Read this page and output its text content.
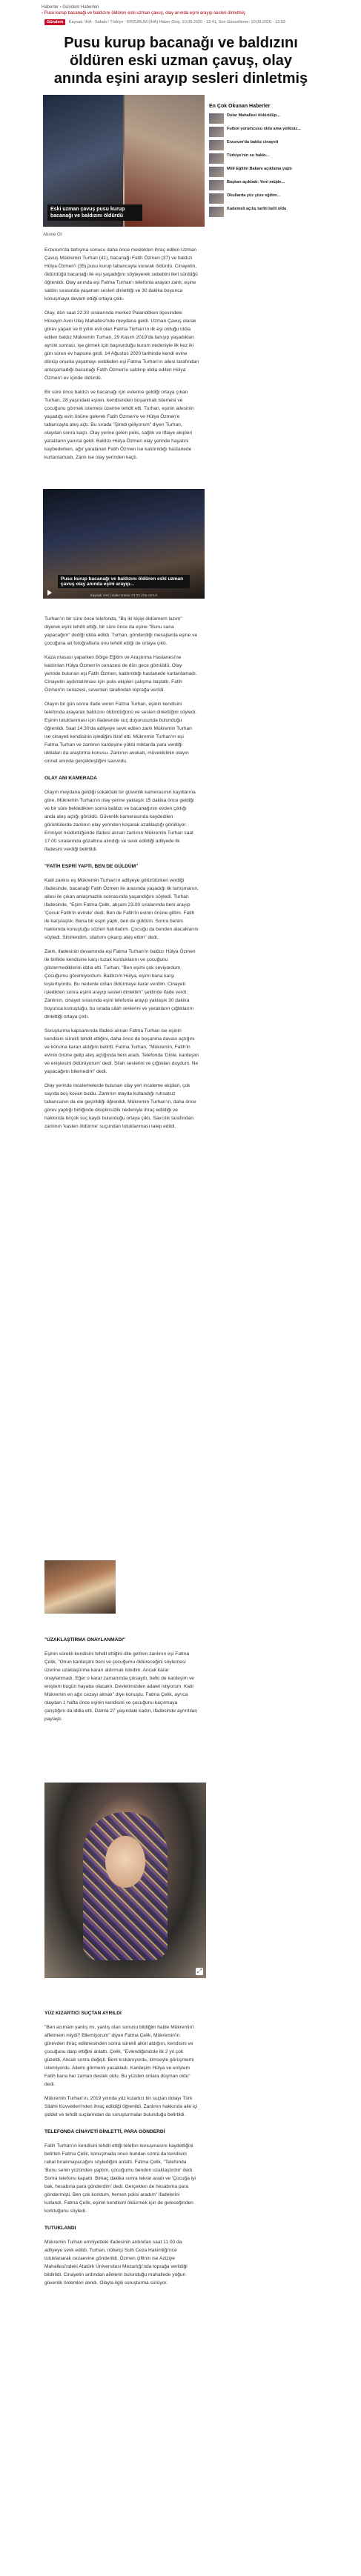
Haberler › Gündem Haberleri
› Pusu kurup bacanağı ve baldızını öldüren eski uzman çavuş, olay anında eşini arayıp sesleri dinletmiş
Gündem Kaynak: İHA - Sabah / Türkiye - ERZURUM (İHA) Haber Giriş: 10.09.2020 - 13:41, Son Güncelleme: 10.09.2020 - 13:53
Pusu kurup bacanağı ve baldızını öldüren eski uzman çavuş, olay anında eşini arayıp sesleri dinletmiş
Eski uzman çavuş pusu kurup bacanağı ve baldızını öldürdü
Abone Ol
En Çok Okunan Haberler
Dolar Mahallesi öldürülüp...
Futbol yorumcusu oldu ama yetkisiz...
Erzurum'da baldız cinayeti
Türkiye'nin su hakkı...
Milli Eğitim Bakanı açıklama yaptı
Başkan açıkladı: Yeni müjde...
Okullarda yüz yüze eğitim...
Kademeli açılış tarihi belli oldu

Erzurum'da tartışma sonucu daha önce meslekten ihraç edilen Uzman Çavuş Mükremin Turhan (41), bacanağı Fatih Özmen (37) ve baldızı Hülya Özmen'i (35) pusu kurup tabancayla vurarak öldürdü. Cinayetin, öldürdüğü bacanağı ile eşi yaşadığını söyleyerek sebebini ileri sürdüğü öğrenildi. Olay anında eşi Fatma Turhan'ı telefonla arayan zanlı, eşine saldırı sırasında yaşanan sesleri dinlettiği ve 30 dakika boyunca konuşmaya devam ettiği ortaya çıktı.

Olay, dün saat 22.30 sıralarında merkez Palandöken ilçesindeki Hüseyin Avni Ulaş Mahallesi'nde meydana geldi. Uzman Çavuş olarak görev yapan ve 8 yıllık evli olan Fatma Turhan'ın ilk eşi olduğu iddia edilen baldız Mükremin Turhan, 29 Kasım 2019'da tanışıp yaşadıkları ayrılık sonrası, işe girmek için başvurduğu kurum nedeniyle ilk kez iki gün süren ev hapsine girdi. 14 Ağustos 2020 tarihinde kendi evine dönüp onunla yaşamayı reddeden eşi Fatma Turhan'ın ailesi tarafından anlaşamadığı bacanağı Fatih Özmen'e saldırıp iddia edilen Hülya Özmen'i ev içinde öldürdü.

Bir süre önce baldızı ve bacanağı için evlerine geldiği ortaya çıkan Turhan, 28 yaşındaki eşinin, kendisinden boşanmak istemesi ve çocuğunu görmek istemesi üzerine tehdit etti. Turhan, eşinin ailesinin yaşadığı evin önüne gelerek Fatih Özmen'e ve Hülya Özmen'e tabancayla ateş açtı. Bu sırada "Şimdi geliyorum" diyen Turhan, olaydan sonra kaçtı. Olay yerine gelen polis, sağlık ve itfaiye ekipleri yaralıların yanına geldi. Baldızı Hülya Özmen olay yerinde hayatını kaybederken, ağır yaralanan Fatih Özmen ise kaldırıldığı hastanede kurtarılamadı. Zanlı ise olay yerinden kaçtı.

Pusu kurup bacanağı ve baldızını öldüren eski uzman çavuş olay anında eşini arayıp...
Kaynak: İHA | Video süresi: 01:23 | iha.com.tr

Turhan'ın bir süre önce telefonda, "Bu iki kişiyi öldürmem lazım" diyerek eşini tehdit ettiği, bir süre önce da eşine "Bunu sana yapacağım" dediği iddia edildi. Turhan, gönderdiği mesajlarda eşine ve çocuğuna ait fotoğraflarla onu tehdit ettiği de ortaya çıktı.

Kaza masası yaparken Bölge Eğitim ve Araştırma Hastanesi'ne kaldırılan Hülya Özmen'in cenazesi de dün gece gömüldü. Olay yerinde bulunan eşi Fatih Özmen, kaldırıldığı hastanede kurtarılamadı. Cinayetin aydınlatılması için polis ekipleri çalışma başlattı. Fatih Özmen'in cenazesi, sevenleri tarafından toprağa verildi.

Olayın bir gün sonra ifade veren Fatma Turhan, eşinin kendisini telefonda arayarak baldızını öldürdüğünü ve sesleri dinlettiğini söyledi. Eşinin tutuklanması için ifadesinde suç duyurusunda bulunduğu öğrenildi. Saat 14.30'da adliyeye sevk edilen zanlı Mükremin Turhan ise cinayeti kendisinin işlediğini itiraf etti. Mükremin Turhan'ın eşi Fatma Turhan ve zanlının kardeşine yüklü miktarda para verdiği iddiaları da araştırma konusu. Zanlının avukatı, müvekkilinin olayın cinnet anında gerçekleştiğini savundu.

OLAY ANI KAMERADA

Olayın meydana geldiği sokaktaki bir güvenlik kamerasının kayıtlarına göre, Mükremin Turhan'ın olay yerine yaklaşık 15 dakika önce geldiği ve bir süre bekledikten sonra baldızı ve bacanağının evden çıktığı anda ateş açtığı görüldü. Güvenlik kamerasında kaydedilen görüntülerde zanlının olay yerinden koşarak uzaklaştığı görülüyor. Emniyet müdürlüğünde ifadesi alınan zanlının Mükremin Turhan saat 17.00 sıralarında gözaltına alındığı ve sevk edildiği adliyede ilk ifadesini verdiği belirtildi.

"FATİH ESPRİ YAPTI, BEN DE GÜLDÜM"

Katil zanlısı eş Mükremin Turhan'ın adliyeye götürülürken verdiği ifadesinde, bacanağı Fatih Özmen ile arasında yaşadığı ilk tartışmanın, ailesi ile çıkan anlaşmazlık sonrasında yaşandığını söyledi. Turhan ifadesinde, "Eşim Fatma Çelik, akşam 23.00 sıralarında beni arayıp 'Çocuk Fatih'in evinde' dedi. Ben de Fatih'in evinin önüne gittim. Fatih ile karşılaştık. Bana bir espri yaptı, ben de güldüm. Sonra benim hakkımda konuştuğu sözleri hatırladım. Çocuğu da benden alacaklarını söyledi. Sinirlendim, silahımı çıkarıp ateş ettim" dedi.

Zanlı, ifadesinin devamında eşi Fatma Turhan'ın baldızı Hülya Özmen ile birlikte kendisine karşı tuzak kurduklarını ve çocuğunu göstermediklerini iddia etti. Turhan, "Ben eşimi çok seviyordum. Çocuğumu göremiyordum. Baldızım Hülya, eşimi bana karşı kışkırtıyordu. Bu nedenle onları öldürmeye karar verdim. Cinayeti işledikten sonra eşimi arayıp sesleri dinlettim" şeklinde ifade verdi. Zanlının, cinayet sırasında eşini telefonla arayıp yaklaşık 30 dakika boyunca konuştuğu, bu sırada silah seslerini ve yaralıların çığlıklarını dinlettiği ortaya çıktı.

Soruşturma kapsamında ifadesi alınan Fatma Turhan ise eşinin kendisini sürekli tehdit ettiğini, daha önce de boşanma davası açtığını ve koruma kararı aldığını belirtti. Fatma Turhan, "Mükremin, Fatih'in evinin önüne gelip ateş açtığında beni aradı. Telefonda 'Dinle, kardeşini ve eniştesini öldürüyorum' dedi. Silah seslerini ve çığlıkları duydum. Ne yapacağımı bilemedim" dedi.

Olay yerinde incelemelerde bulunan olay yeri inceleme ekipleri, çok sayıda boş kovan buldu. Zanlının olayda kullandığı ruhsatsız tabancanın da ele geçirildiği öğrenildi. Mükremin Turhan'ın, daha önce görev yaptığı birliğinde disiplinsizlik nedeniyle ihraç edildiği ve hakkında birçok suç kaydı bulunduğu ortaya çıktı. Savcılık tarafından zanlının 'kasten öldürme' suçundan tutuklanması talep edildi.

"UZAKLAŞTIRMA ONAYLANMADI"

Eşinin sürekli kendisini tehdit ettiğini dile getiren zanlının eşi Fatma Çelik, "Onun kardeşimi beni ve çocuğumu öldüreceğini söylemesi üzerine uzaklaştırma kararı aldırmak istedim. Ancak karar onaylanmadı. Eğer o karar zamanında çıksaydı, belki de kardeşim ve eniştem bugün hayatta olacaktı. Devletimizden adalet istiyorum. Katil Mükremin en ağır cezayı almalı" diye konuştu. Fatma Çelik, ayrıca olaydan 1 hafta önce eşinin kendisini ve çocuğunu kaçırmaya çalıştığını da iddia etti. Damla 27 yaşındaki kadın, ifadesinde ayrıntıları paylaştı.

⤢
YÜZ KIZARTICI SUÇTAN AYRILDI

"Ben acımam yanlış mı, yanlış olan sonunu bildiğim halde Mükremin'i affetmem miydi? Bilemiyorum" diyen Fatma Çelik, Mükremin'in görevden ihraç edilmesinden sonra sürekli alkol aldığını, kendisini ve çocuğunu darp ettiğini anlattı. Çelik, "Evlendiğimizde ilk 2 yıl çok güzeldi. Ancak sonra değişti. Beni kıskanıyordu, kimseyle görüşmemi istemiyordu. Ailemi görmemi yasakladı. Kardeşim Hülya ve eniştem Fatih bana her zaman destek oldu. Bu yüzden onlara düşman oldu" dedi.

Mükremin Turhan'ın, 2019 yılında yüz kızartıcı bir suçtan dolayı Türk Silahlı Kuvvetleri'nden ihraç edildiği öğrenildi. Zanlının hakkında aile içi şiddet ve tehdit suçlarından da soruşturmalar bulunduğu belirtildi.

TELEFONDA CİNAYETİ DİNLETTİ, PARA GÖNDERDİ

Fatih Turhan'ın kendisini tehdit ettiği telefon konuşmasını kaydettiğini belirten Fatma Çelik, konuşmada onun bundan sonra da kendisini rahat bırakmayacağını söylediğini anlattı. Fatma Çelik, "Telefonda 'Bunu senin yüzünden yaptım, çocuğumu benden uzaklaştırdın' dedi. Sonra telefonu kapattı. Birkaç dakika sonra tekrar aradı ve 'Çocuğa iyi bak, hesabına para gönderdim' dedi. Gerçekten de hesabıma para göndermişti. Ben çok korktum, hemen polisi aradım" ifadelerini kullandı. Fatma Çelik, eşinin kendisini öldürmek için de geleceğinden korktuğunu söyledi.

TUTUKLANDI

Mükremin Turhan emniyetteki ifadesinin ardından saat 11.00 da adliyeye sevk edildi. Turhan, nöbetçi Sulh Ceza Hakimliği'nce tutuklanarak cezaevine gönderildi. Özmen çiftinin ise Aziziye Mahallesi'ndeki Atatürk Üniversitesi Mezarlığı'nda toprağa verildiği bildirildi. Cinayetin ardından ailelerin bulunduğu mahallede yoğun güvenlik önlemleri alındı. Olayla ilgili soruşturma sürüyor.
